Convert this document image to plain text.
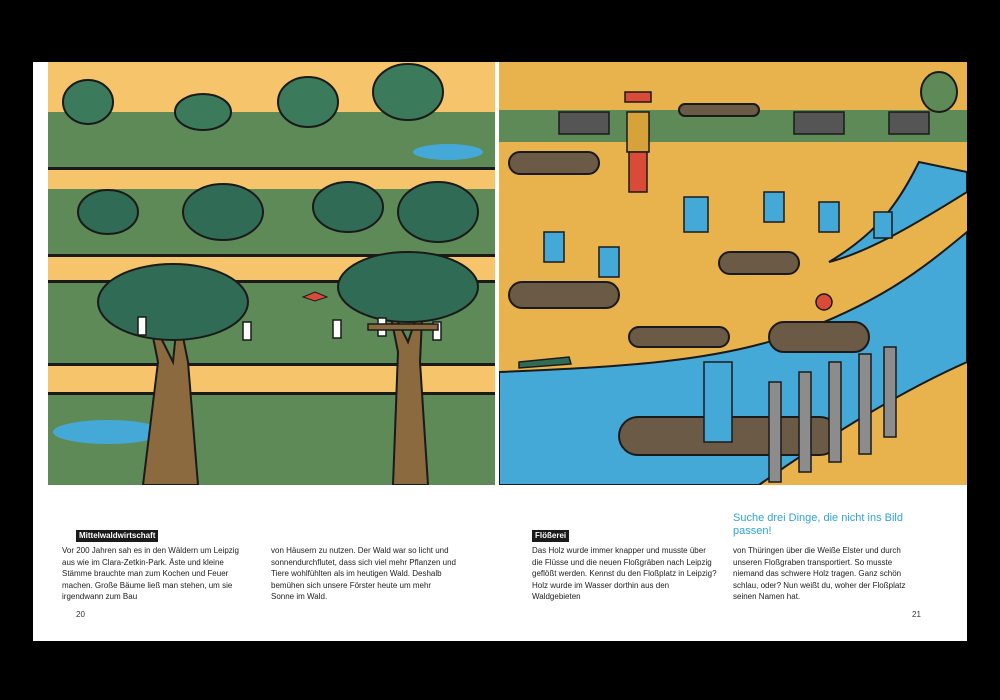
Mittelwaldwirtschaft
Vor 200 Jahren sah es in den Wäldern um Leipzig aus wie im Clara-Zetkin-Park. Äste und kleine Stämme brauchte man zum Kochen und Feuer machen. Große Bäume ließ man stehen, um sie irgendwann zum Bau
von Häusern zu nutzen. Der Wald war so licht und sonnendurchflutet, dass sich viel mehr Pflanzen und Tiere wohlfühlten als im heutigen Wald. Deshalb bemühen sich unsere Förster heute um mehr Sonne im Wald.
20
Suche drei Dinge, die nicht ins Bild passen!
Flößerei
Das Holz wurde immer knapper und musste über die Flüsse und die neuen Floßgräben nach Leipzig geflößt werden. Kennst du den Floßplatz in Leipzig? Holz wurde im Wasser dorthin aus den Waldgebieten
von Thüringen über die Weiße Elster und durch unseren Floßgraben transportiert. So musste niemand das schwere Holz tragen. Ganz schön schlau, oder? Nun weißt du, woher der Floßplatz seinen Namen hat.
21
